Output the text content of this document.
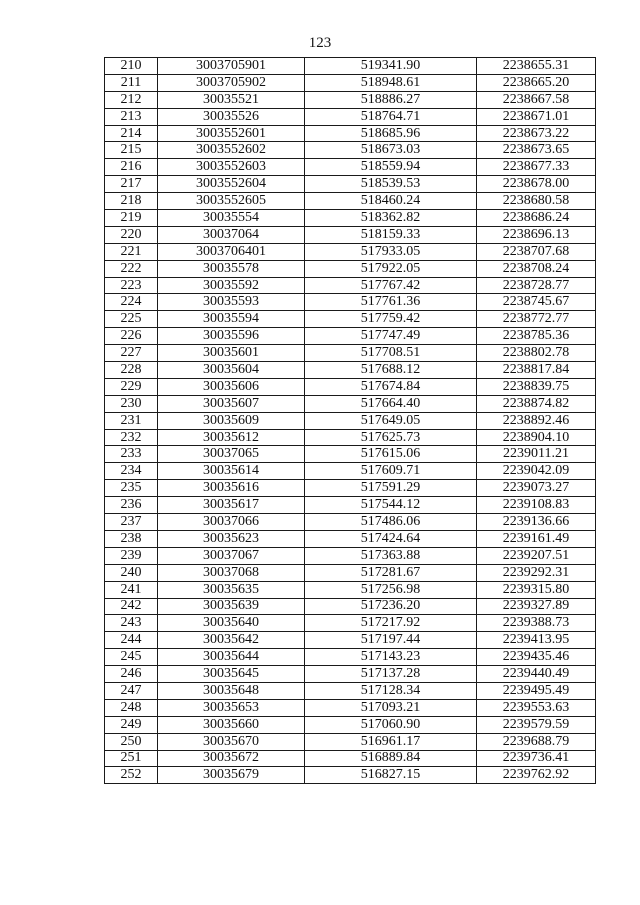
123
210	3003705901	519341.90	2238655.31
211	3003705902	518948.61	2238665.20
212	30035521	518886.27	2238667.58
213	30035526	518764.71	2238671.01
214	3003552601	518685.96	2238673.22
215	3003552602	518673.03	2238673.65
216	3003552603	518559.94	2238677.33
217	3003552604	518539.53	2238678.00
218	3003552605	518460.24	2238680.58
219	30035554	518362.82	2238686.24
220	30037064	518159.33	2238696.13
221	3003706401	517933.05	2238707.68
222	30035578	517922.05	2238708.24
223	30035592	517767.42	2238728.77
224	30035593	517761.36	2238745.67
225	30035594	517759.42	2238772.77
226	30035596	517747.49	2238785.36
227	30035601	517708.51	2238802.78
228	30035604	517688.12	2238817.84
229	30035606	517674.84	2238839.75
230	30035607	517664.40	2238874.82
231	30035609	517649.05	2238892.46
232	30035612	517625.73	2238904.10
233	30037065	517615.06	2239011.21
234	30035614	517609.71	2239042.09
235	30035616	517591.29	2239073.27
236	30035617	517544.12	2239108.83
237	30037066	517486.06	2239136.66
238	30035623	517424.64	2239161.49
239	30037067	517363.88	2239207.51
240	30037068	517281.67	2239292.31
241	30035635	517256.98	2239315.80
242	30035639	517236.20	2239327.89
243	30035640	517217.92	2239388.73
244	30035642	517197.44	2239413.95
245	30035644	517143.23	2239435.46
246	30035645	517137.28	2239440.49
247	30035648	517128.34	2239495.49
248	30035653	517093.21	2239553.63
249	30035660	517060.90	2239579.59
250	30035670	516961.17	2239688.79
251	30035672	516889.84	2239736.41
252	30035679	516827.15	2239762.92
